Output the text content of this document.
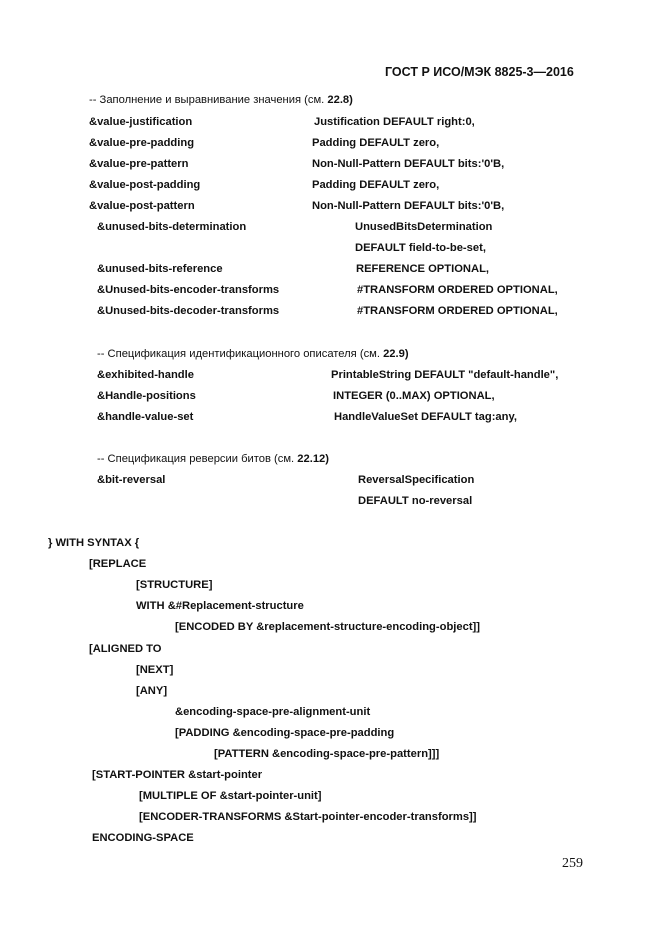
ГОСТ Р ИСО/МЭК 8825-3—2016
-- Заполнение и выравнивание значения (см. 22.8)
&value-justification	Justification DEFAULT right:0,
&value-pre-padding	Padding DEFAULT zero,
&value-pre-pattern	Non-Null-Pattern DEFAULT bits:'0'B,
&value-post-padding	Padding DEFAULT zero,
&value-post-pattern	Non-Null-Pattern DEFAULT bits:'0'B,
&unused-bits-determination	UnusedBitsDetermination
DEFAULT field-to-be-set,
&unused-bits-reference	REFERENCE OPTIONAL,
&Unused-bits-encoder-transforms	#TRANSFORM ORDERED OPTIONAL,
&Unused-bits-decoder-transforms	#TRANSFORM ORDERED OPTIONAL,
-- Спецификация идентификационного описателя (см. 22.9)
&exhibited-handle	PrintableString DEFAULT "default-handle",
&Handle-positions	INTEGER (0..MAX) OPTIONAL,
&handle-value-set	HandleValueSet DEFAULT tag:any,
-- Спецификация реверсии битов (см. 22.12)
&bit-reversal	ReversalSpecification
DEFAULT no-reversal
} WITH SYNTAX {
[REPLACE
[STRUCTURE]
WITH &#Replacement-structure
[ENCODED BY &replacement-structure-encoding-object]]
[ALIGNED TO
[NEXT]
[ANY]
&encoding-space-pre-alignment-unit
[PADDING &encoding-space-pre-padding
[PATTERN &encoding-space-pre-pattern]]]
[START-POINTER &start-pointer
[MULTIPLE OF &start-pointer-unit]
[ENCODER-TRANSFORMS &Start-pointer-encoder-transforms]]
ENCODING-SPACE
259
